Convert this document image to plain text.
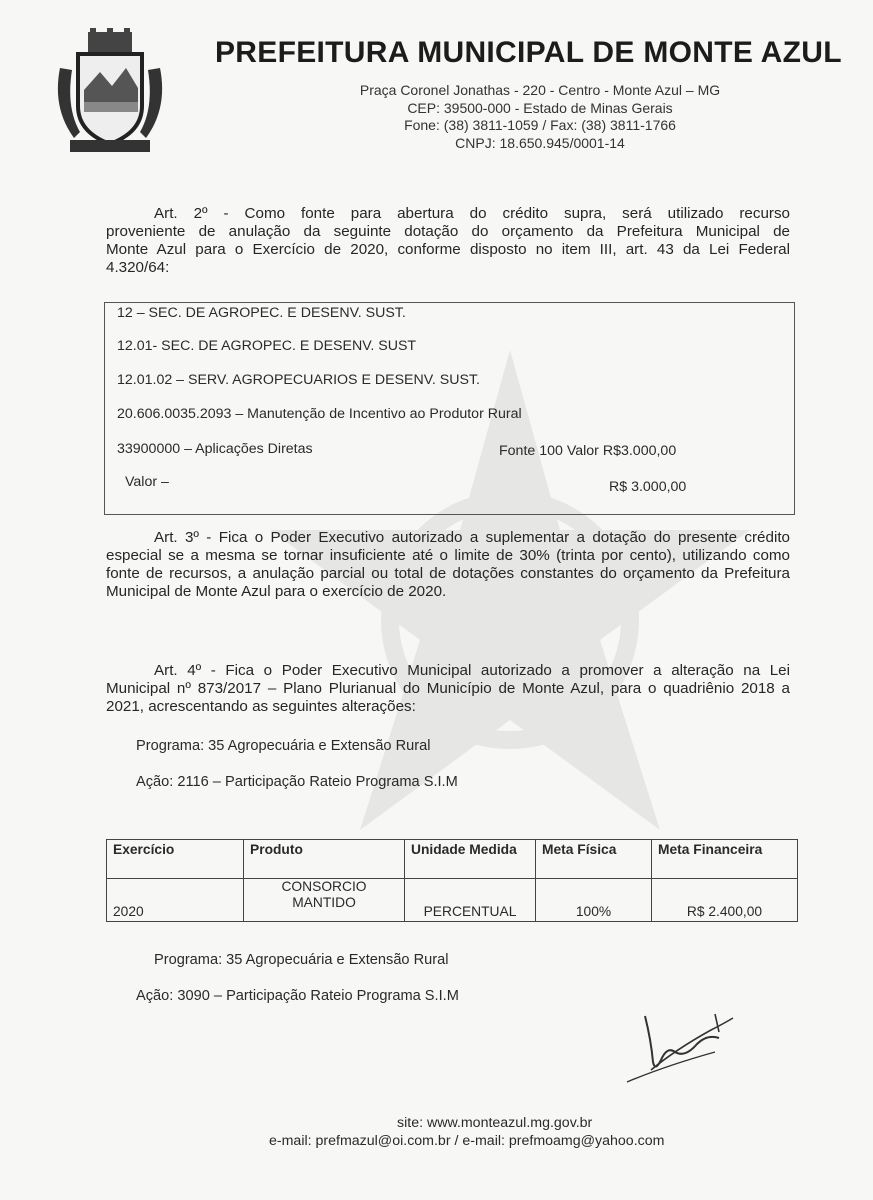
PREFEITURA MUNICIPAL DE MONTE AZUL
Praça Coronel Jonathas - 220 - Centro - Monte Azul – MG
CEP: 39500-000 - Estado de Minas Gerais
Fone: (38) 3811-1059 / Fax: (38) 3811-1766
CNPJ: 18.650.945/0001-14
Art. 2º - Como fonte para abertura do crédito supra, será utilizado recurso
proveniente de anulação da seguinte dotação do orçamento da Prefeitura Municipal de
Monte Azul para o Exercício de 2020, conforme disposto no item III, art. 43 da Lei Federal
4.320/64:
12 – SEC. DE AGROPEC. E DESENV. SUST.
12.01- SEC. DE AGROPEC. E DESENV. SUST
12.01.02 – SERV. AGROPECUARIOS E DESENV. SUST.
20.606.0035.2093 – Manutenção de Incentivo ao Produtor Rural
33900000 – Aplicações Diretas	Fonte 100 Valor R$3.000,00
Valor –	R$ 3.000,00
Art. 3º - Fica o Poder Executivo autorizado a suplementar a dotação do presente crédito
especial se a mesma se tornar insuficiente até o limite de 30% (trinta por cento), utilizando como
fonte de recursos, a anulação parcial ou total de dotações constantes do orçamento da Prefeitura
Municipal de Monte Azul para o exercício de 2020.
Art. 4º - Fica o Poder Executivo Municipal autorizado a promover a alteração na Lei
Municipal nº 873/2017 – Plano Plurianual do Município de Monte Azul, para o quadriênio 2018 a
2021, acrescentando as seguintes alterações:
Programa: 35 Agropecuária e Extensão Rural
Ação: 2116 – Participação Rateio Programa S.I.M
Exercício	Produto	Unidade Medida	Meta Física	Meta Financeira
2020	CONSORCIO MANTIDO	PERCENTUAL	100%	R$ 2.400,00
Programa: 35 Agropecuária e Extensão Rural
Ação: 3090 – Participação Rateio Programa S.I.M
site: www.monteazul.mg.gov.br
e-mail: prefmazul@oi.com.br / e-mail: prefmoamg@yahoo.com
